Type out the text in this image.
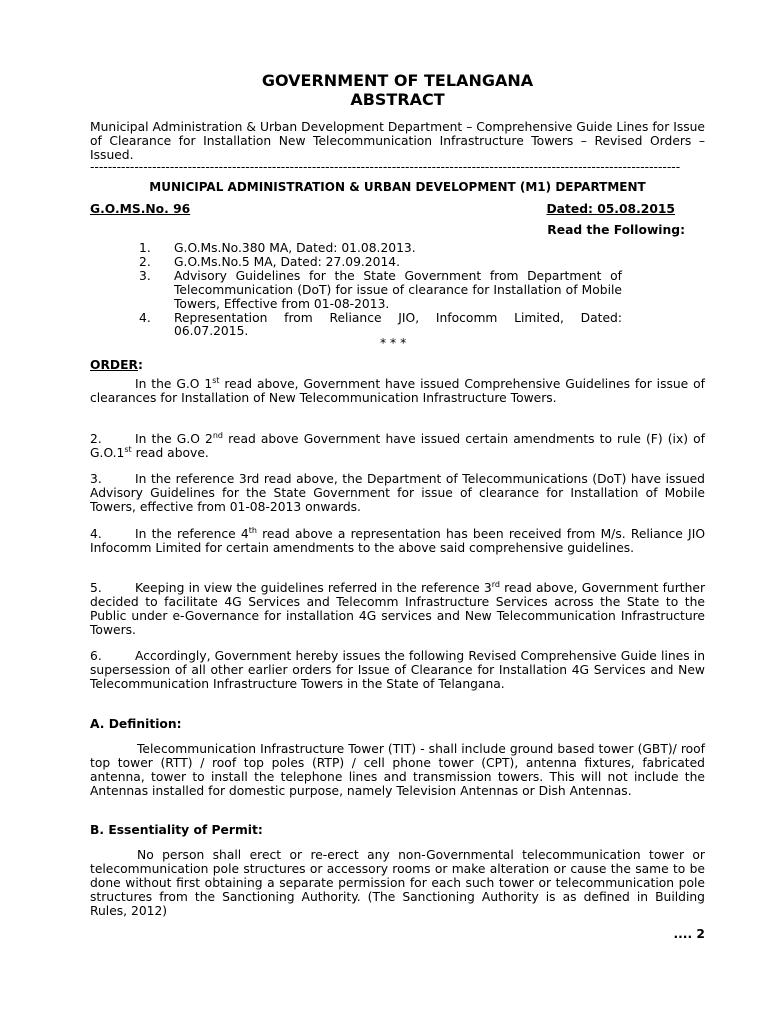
GOVERNMENT OF TELANGANA
ABSTRACT
Municipal Administration & Urban Development Department – Comprehensive Guide Lines for Issue of Clearance for Installation New Telecommunication Infrastructure Towers – Revised Orders – Issued.
-------------------------------------------------------------------------------------------------------------------------------------
MUNICIPAL ADMINISTRATION & URBAN DEVELOPMENT (M1) DEPARTMENT
G.O.MS.No. 96	Dated: 05.08.2015
Read the Following:
1.	G.O.Ms.No.380 MA, Dated: 01.08.2013.
2.	G.O.Ms.No.5 MA, Dated: 27.09.2014.
3.	Advisory Guidelines for the State Government from Department of Telecommunication (DoT) for issue of clearance for Installation of Mobile Towers, Effective from 01-08-2013.
4.	Representation from Reliance JIO, Infocomm Limited, Dated: 06.07.2015.
* * *
ORDER:
In the G.O 1st read above, Government have issued Comprehensive Guidelines for issue of clearances for Installation of New Telecommunication Infrastructure Towers.
2.	In the G.O 2nd read above Government have issued certain amendments to rule (F) (ix) of G.O.1st read above.
3.	In the reference 3rd read above, the Department of Telecommunications (DoT) have issued Advisory Guidelines for the State Government for issue of clearance for Installation of Mobile Towers, effective from 01-08-2013 onwards.
4.	In the reference 4th read above a representation has been received from M/s. Reliance JIO Infocomm Limited for certain amendments to the above said comprehensive guidelines.
5.	Keeping in view the guidelines referred in the reference 3rd read above, Government further decided to facilitate 4G Services and Telecomm Infrastructure Services across the State to the Public under e-Governance for installation 4G services and New Telecommunication Infrastructure Towers.
6.	Accordingly, Government hereby issues the following Revised Comprehensive Guide lines in supersession of all other earlier orders for Issue of Clearance for Installation 4G Services and New Telecommunication Infrastructure Towers in the State of Telangana.
A. Definition:
Telecommunication Infrastructure Tower (TIT) - shall include ground based tower (GBT)/ roof top tower (RTT) / roof top poles (RTP) / cell phone tower (CPT), antenna fixtures, fabricated antenna, tower to install the telephone lines and transmission towers. This will not include the Antennas installed for domestic purpose, namely Television Antennas or Dish Antennas.
B. Essentiality of Permit:
No person shall erect or re-erect any non-Governmental telecommunication tower or telecommunication pole structures or accessory rooms or make alteration or cause the same to be done without first obtaining a separate permission for each such tower or telecommunication pole structures from the Sanctioning Authority. (The Sanctioning Authority is as defined in Building Rules, 2012)
.... 2
